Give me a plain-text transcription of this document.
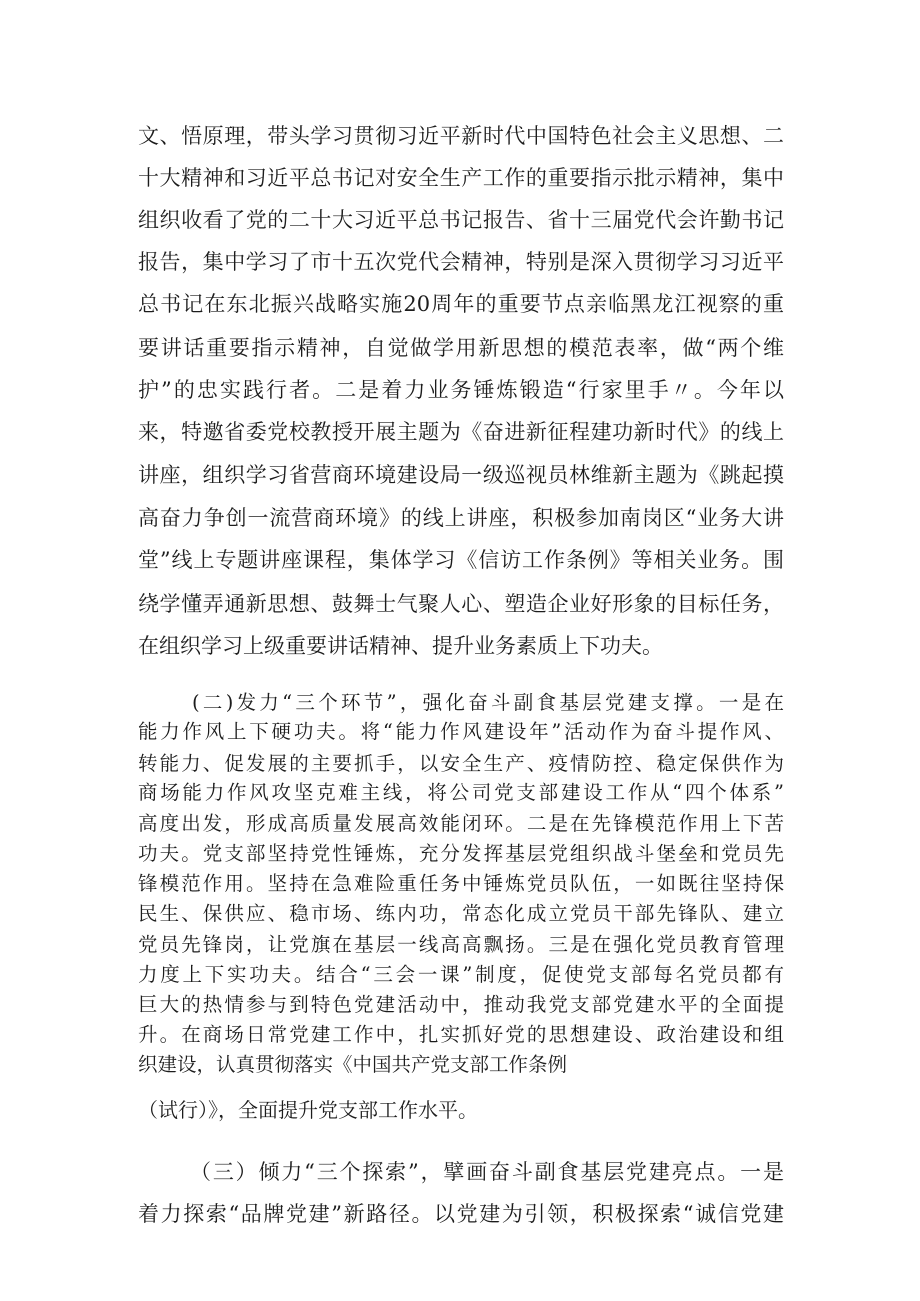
文、悟原理，带头学习贯彻习近平新时代中国特色社会主义思想、二
十大精神和习近平总书记对安全生产工作的重要指示批示精神，集中
组织收看了党的二十大习近平总书记报告、省十三届党代会许勤书记
报告，集中学习了市十五次党代会精神，特别是深入贯彻学习习近平
总书记在东北振兴战略实施20周年的重要节点亲临黑龙江视察的重
要讲话重要指示精神，自觉做学用新思想的模范表率，做“两个维
护”的忠实践行者。二是着力业务锤炼锻造“行家里手〃。今年以
来，特邀省委党校教授开展主题为《奋进新征程建功新时代》的线上
讲座，组织学习省营商环境建设局一级巡视员林维新主题为《跳起摸
高奋力争创一流营商环境》的线上讲座，积极参加南岗区“业务大讲
堂”线上专题讲座课程，集体学习《信访工作条例》等相关业务。围
绕学懂弄通新思想、鼓舞士气聚人心、塑造企业好形象的目标任务，
在组织学习上级重要讲话精神、提升业务素质上下功夫。
(二)发力“三个环节”，强化奋斗副食基层党建支撑。一是在
能力作风上下硬功夫。将“能力作风建设年”活动作为奋斗提作风、
转能力、促发展的主要抓手，以安全生产、疫情防控、稳定保供作为
商场能力作风攻坚克难主线，将公司党支部建设工作从“四个体系”
高度出发，形成高质量发展高效能闭环。二是在先锋模范作用上下苦
功夫。党支部坚持党性锤炼，充分发挥基层党组织战斗堡垒和党员先
锋模范作用。坚持在急难险重任务中锤炼党员队伍，一如既往坚持保
民生、保供应、稳市场、练内功，常态化成立党员干部先锋队、建立
党员先锋岗，让党旗在基层一线高高飘扬。三是在强化党员教育管理
力度上下实功夫。结合“三会一课”制度，促使党支部每名党员都有
巨大的热情参与到特色党建活动中，推动我党支部党建水平的全面提
升。在商场日常党建工作中，扎实抓好党的思想建设、政治建设和组
织建设，认真贯彻落实《中国共产党支部工作条例
（试行）》，全面提升党支部工作水平。
（三）倾力“三个探索”，擘画奋斗副食基层党建亮点。一是
着力探索“品牌党建”新路径。以党建为引领，积极探索“诚信党建
